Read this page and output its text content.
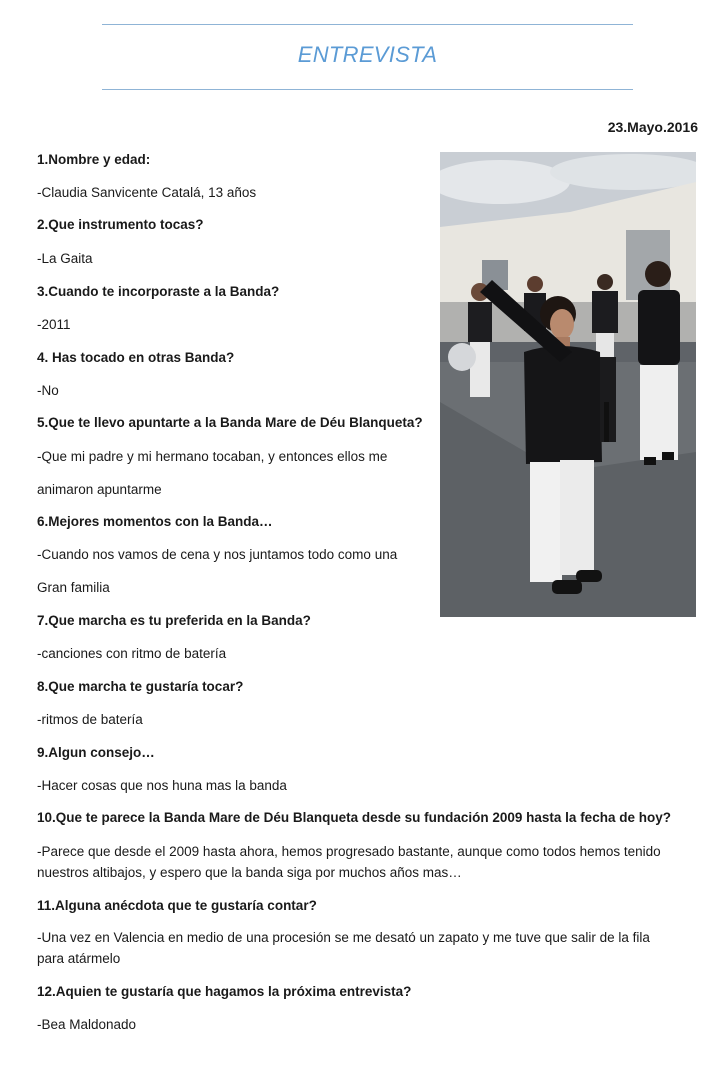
ENTREVISTA
23.Mayo.2016
1.Nombre y edad:
-Claudia Sanvicente Catalá, 13 años
2.Que instrumento tocas?
-La Gaita
3.Cuando te incorporaste a la Banda?
-2011
4. Has tocado en otras Banda?
-No
5.Que te llevo apuntarte a la Banda Mare de Déu Blanqueta?
-Que mi padre y mi hermano tocaban, y entonces ellos me
animaron apuntarme
6.Mejores momentos con la Banda…
-Cuando nos vamos de cena y nos juntamos todo como una
Gran familia
7.Que marcha es tu preferida en la Banda?
-canciones con ritmo de batería
8.Que marcha te gustaría tocar?
-ritmos de batería
9.Algun consejo…
-Hacer cosas que nos huna mas la banda
10.Que te parece la Banda Mare de Déu Blanqueta desde su fundación 2009 hasta la fecha de hoy?
-Parece que desde el 2009 hasta ahora, hemos progresado bastante, aunque como todos hemos tenido
nuestros altibajos, y espero que la banda siga por muchos años mas…
11.Alguna anécdota que te gustaría contar?
-Una vez en Valencia en medio de una procesión se me desató un zapato y me tuve que salir de la fila
para atármelo
12.Aquien te gustaría que hagamos la próxima entrevista?
-Bea Maldonado
